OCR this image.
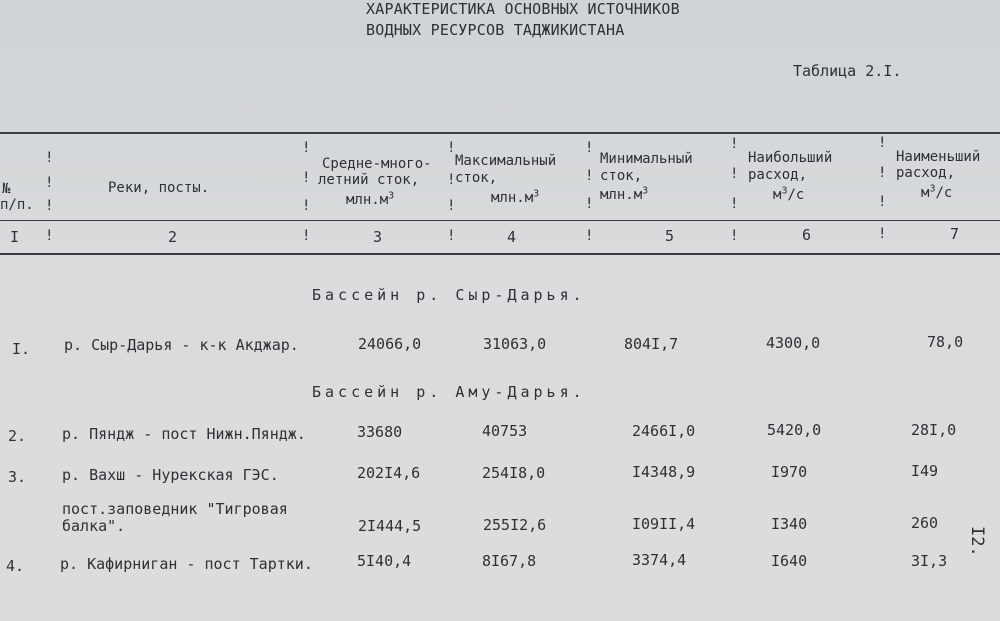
ХАРАКТЕРИСТИКА ОСНОВНЫХ ИСТОЧНИКОВ
ВОДНЫХ РЕСУРСОВ ТАДЖИКИСТАНА
Таблица 2.I.
!
!
!
!
!
!
!
!
!
!
!
!
!
!
!
!
!
!
!	!	!	!	!	!
№
п/п.
Реки, посты.
Средне-много-
летний сток,
$млн.м^3$
Максимальный
сток,
$млн.м^3$
Минимальный
сток,
$млн.м^3$
Наибольший
расход,
$м^3/с$
Наименьший
расход,
$м^3/с$
I	2	3	4	5	6	7
Бассейн р. Сыр-Дарья.
I. р. Сыр-Дарья - к-к Акджар.	24066,0	31063,0	804I,7	4300,0	78,0
Бассейн р. Аму-Дарья.
2. р. Пяндж - пост Нижн.Пяндж.	33680	40753	2466I,0	5420,0	28I,0
3. р. Вахш - Нурекская ГЭС.	202I4,6	254I8,0	I4348,9	I970	I49
пост.заповедник "Тигровая
балка".	2I444,5	255I2,6	I09II,4	I340	260
4. р. Кафирниган - пост Тартки.	5I40,4	8I67,8	3374,4	I640	3I,3
I2.
